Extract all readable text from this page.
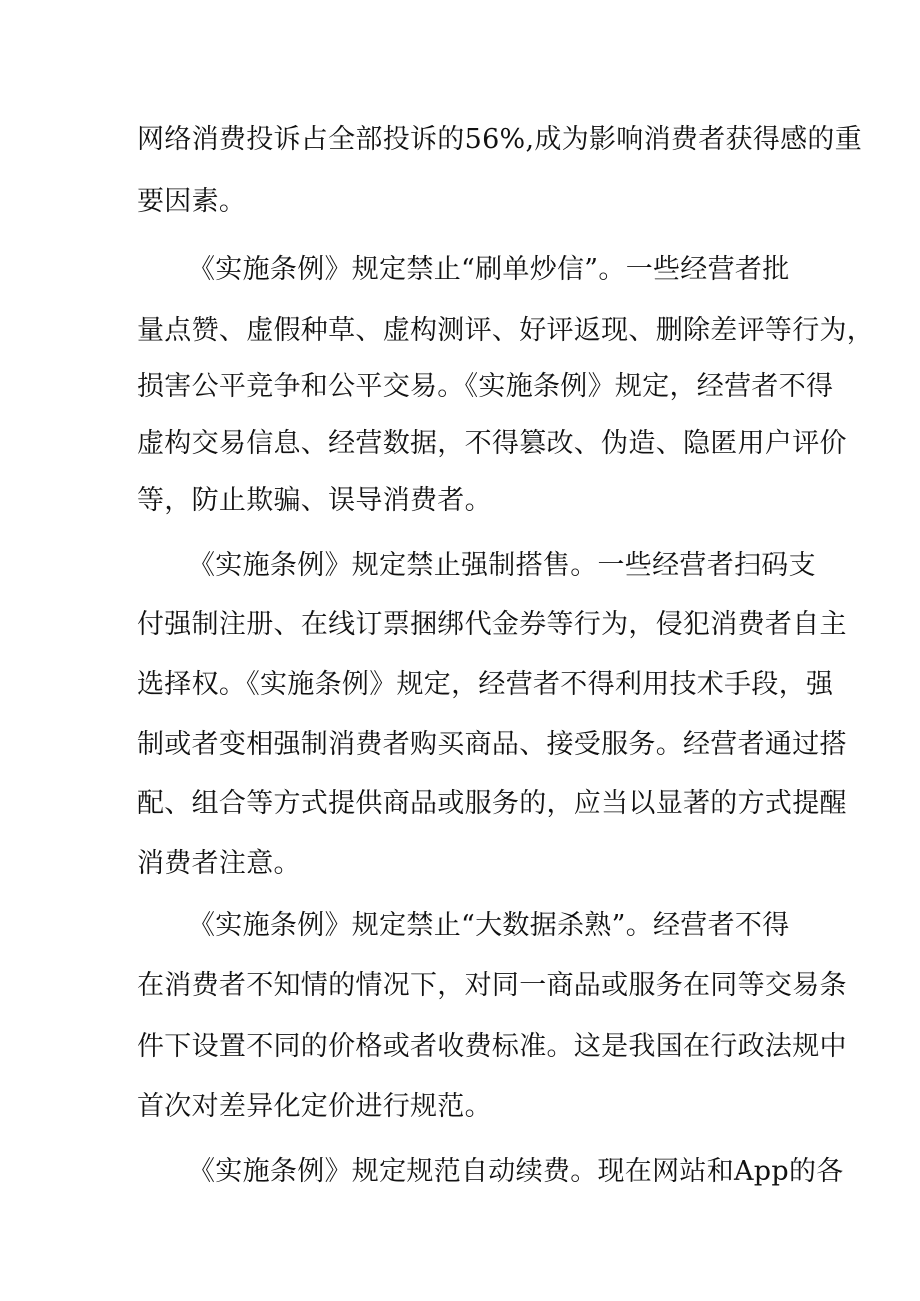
网络消费投诉占全部投诉的56%,成为影响消费者获得感的重

要因素。

《实施条例》规定禁止“刷单炒信”。一些经营者批

量点赞、虚假种草、虚构测评、好评返现、删除差评等行为，

损害公平竞争和公平交易。《实施条例》规定，经营者不得

虚构交易信息、经营数据，不得篡改、伪造、隐匿用户评价

等，防止欺骗、误导消费者。

《实施条例》规定禁止强制搭售。一些经营者扫码支

付强制注册、在线订票捆绑代金券等行为，侵犯消费者自主

选择权。《实施条例》规定，经营者不得利用技术手段，强

制或者变相强制消费者购买商品、接受服务。经营者通过搭

配、组合等方式提供商品或服务的，应当以显著的方式提醒

消费者注意。

《实施条例》规定禁止“大数据杀熟”。经营者不得

在消费者不知情的情况下，对同一商品或服务在同等交易条

件下设置不同的价格或者收费标准。这是我国在行政法规中

首次对差异化定价进行规范。

《实施条例》规定规范自动续费。现在网站和App的各
